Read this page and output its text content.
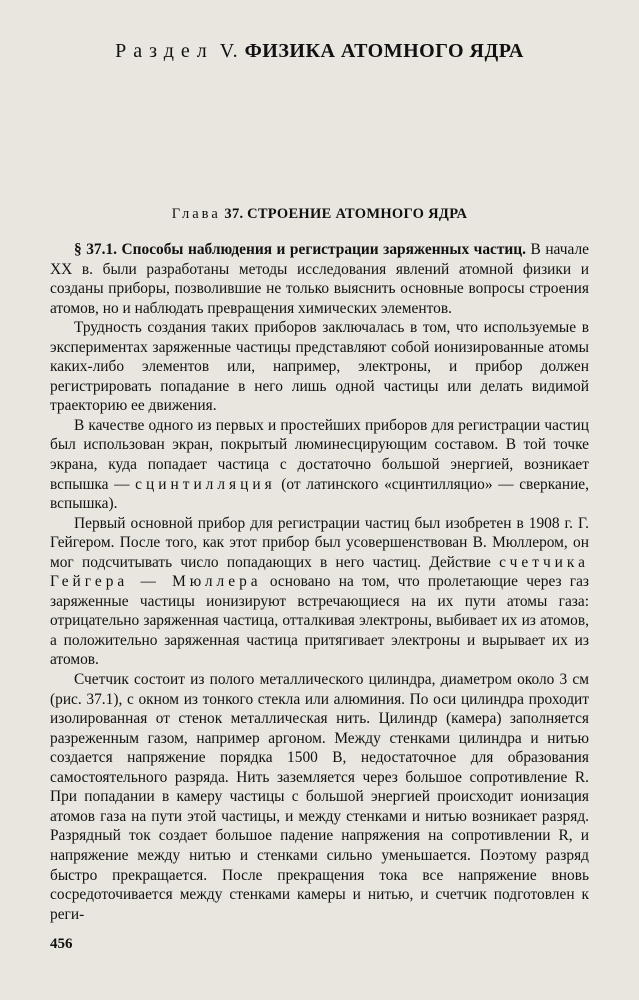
Раздел V. ФИЗИКА АТОМНОГО ЯДРА
Глава 37. СТРОЕНИЕ АТОМНОГО ЯДРА

§ 37.1. Способы наблюдения и регистрации заряженных частиц. В начале XX в. были разработаны методы исследования явлений атомной физики и созданы приборы, позволившие не только выяснить основные вопросы строения атомов, но и наблюдать превращения химических элементов.

Трудность создания таких приборов заключалась в том, что используемые в экспериментах заряженные частицы представляют собой ионизированные атомы каких-либо элементов или, например, электроны, и прибор должен регистрировать попадание в него лишь одной частицы или делать видимой траекторию ее движения.

В качестве одного из первых и простейших приборов для регистрации частиц был использован экран, покрытый люминесцирующим составом. В той точке экрана, куда попадает частица с достаточно большой энергией, возникает вспышка — сцинтилляция (от латинского «сцинтилляцио» — сверкание, вспышка).

Первый основной прибор для регистрации частиц был изобретен в 1908 г. Г. Гейгером. После того, как этот прибор был усовершенствован В. Мюллером, он мог подсчитывать число попадающих в него частиц. Действие счетчика Гейгера — Мюллера основано на том, что пролетающие через газ заряженные частицы ионизируют встречающиеся на их пути атомы газа: отрицательно заряженная частица, отталкивая электроны, выбивает их из атомов, а положительно заряженная частица притягивает электроны и вырывает их из атомов.

Счетчик состоит из полого металлического цилиндра, диаметром около 3 см (рис. 37.1), с окном из тонкого стекла или алюминия. По оси цилиндра проходит изолированная от стенок металлическая нить. Цилиндр (камера) заполняется разреженным газом, например аргоном. Между стенками цилиндра и нитью создается напряжение порядка 1500 В, недостаточное для образования самостоятельного разряда. Нить заземляется через большое сопротивление R. При попадании в камеру частицы с большой энергией происходит ионизация атомов газа на пути этой частицы, и между стенками и нитью возникает разряд. Разрядный ток создает большое падение напряжения на сопротивлении R, и напряжение между нитью и стенками сильно уменьшается. Поэтому разряд быстро прекращается. После прекращения тока все напряжение вновь сосредоточивается между стенками камеры и нитью, и счетчик подготовлен к реги-

456
